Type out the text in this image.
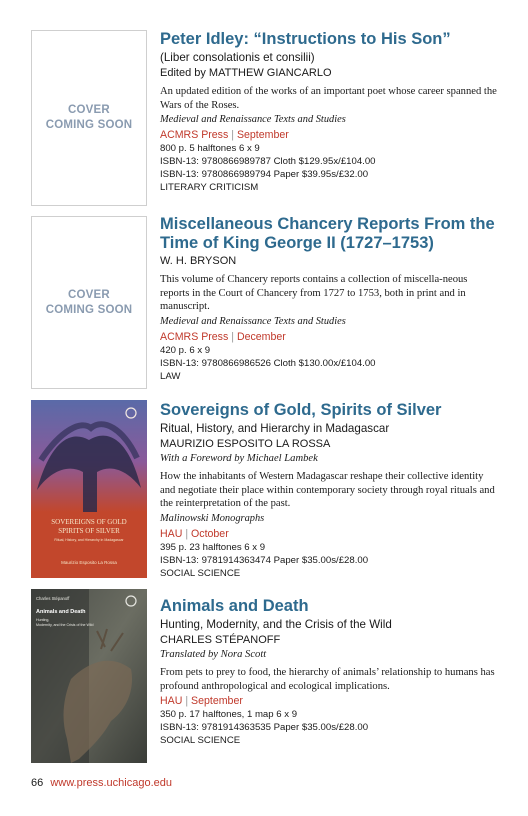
COVER
COMING SOON
Peter Idley: “Instructions to His Son”
(Liber consolationis et consilii)
Edited by MATTHEW GIANCARLO
An updated edition of the works of an important poet whose career spanned the Wars of the Roses.
Medieval and Renaissance Texts and Studies
ACMRS Press | September
800 p. 5 halftones 6 x 9
ISBN-13: 9780866989787 Cloth $129.95x/£104.00
ISBN-13: 9780866989794 Paper $39.95s/£32.00
LITERARY CRITICISM
COVER
COMING SOON
Miscellaneous Chancery Reports From the Time of King George II (1727–1753)
W. H. BRYSON
This volume of Chancery reports contains a collection of miscella-neous reports in the Court of Chancery from 1727 to 1753, both in print and in manuscript.
Medieval and Renaissance Texts and Studies
ACMRS Press | December
420 p. 6 x 9
ISBN-13: 9780866986526 Cloth $130.00x/£104.00
LAW
SOVEREIGNS OF GOLD
SPIRITS OF SILVER
Ritual, History, and Hierarchy in Madagascar
Maurizio Esposito La Rossa
Sovereigns of Gold, Spirits of Silver
Ritual, History, and Hierarchy in Madagascar
MAURIZIO ESPOSITO LA ROSSA
With a Foreword by Michael Lambek
How the inhabitants of Western Madagascar reshape their collective identity and negotiate their place within contemporary society through royal rituals and the reinterpretation of the past.
Malinowski Monographs
HAU | October
395 p. 23 halftones 6 x 9
ISBN-13: 9781914363474 Paper $35.00s/£28.00
SOCIAL SCIENCE
Charles Stépanoff
Animals and Death
Hunting,
Modernity, and the Crisis of the Wild
Animals and Death
Hunting, Modernity, and the Crisis of the Wild
CHARLES STÉPANOFF
Translated by Nora Scott
From pets to prey to food, the hierarchy of animals’ relationship to humans has profound anthropological and ecological implications.
HAU | September
350 p. 17 halftones, 1 map 6 x 9
ISBN-13: 9781914363535 Paper $35.00s/£28.00
SOCIAL SCIENCE
66 www.press.uchicago.edu
